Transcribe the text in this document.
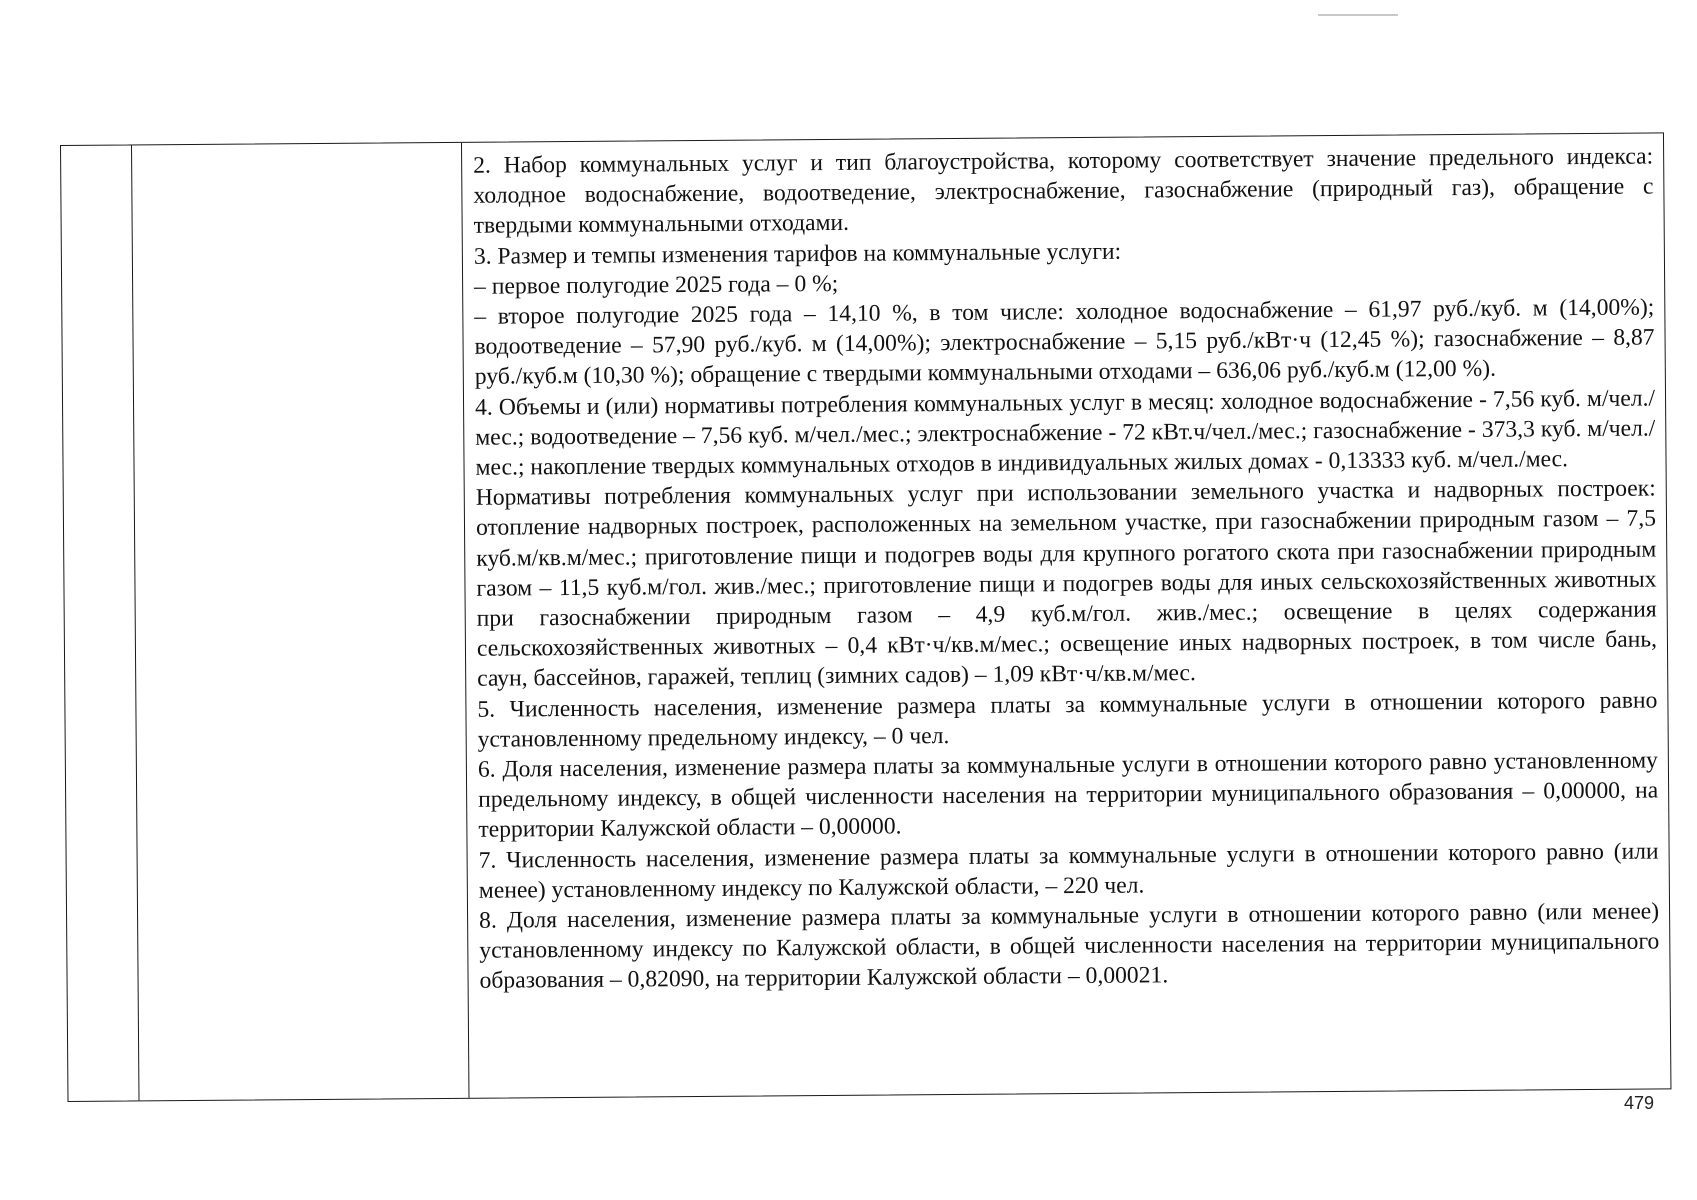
2. Набор коммунальных услуг и тип благоустройства, которому соответствует значение предельного индекса: холодное водоснабжение, водоотведение, электроснабжение, газоснабжение (природный газ), обращение с твердыми коммунальными отходами.

3. Размер и темпы изменения тарифов на коммунальные услуги:

– первое полугодие 2025 года – 0 %;

– второе полугодие 2025 года – 14,10 %, в том числе: холодное водоснабжение – 61,97 руб./куб. м (14,00%); водоотведение – 57,90 руб./куб. м (14,00%); электроснабжение – 5,15 руб./кВт·ч (12,45 %); газоснабжение – 8,87 руб./куб.м (10,30 %); обращение с твердыми коммунальными отходами – 636,06 руб./куб.м (12,00 %).

4. Объемы и (или) нормативы потребления коммунальных услуг в месяц: холодное водоснабжение - 7,56 куб. м/чел./мес.; водоотведение – 7,56 куб. м/чел./мес.; электроснабжение - 72 кВт.ч/чел./мес.; газоснабжение - 373,3 куб. м/чел./мес.; накопление твердых коммунальных отходов в индивидуальных жилых домах - 0,13333 куб. м/чел./мес.

Нормативы потребления коммунальных услуг при использовании земельного участка и надворных построек: отопление надворных построек, расположенных на земельном участке, при газоснабжении природным газом – 7,5 куб.м/кв.м/мес.; приготовление пищи и подогрев воды для крупного рогатого скота при газоснабжении природным газом – 11,5 куб.м/гол. жив./мес.; приготовление пищи и подогрев воды для иных сельскохозяйственных животных при газоснабжении природным газом – 4,9 куб.м/гол. жив./мес.; освещение в целях содержания сельскохозяйственных животных – 0,4 кВт·ч/кв.м/мес.; освещение иных надворных построек, в том числе бань, саун, бассейнов, гаражей, теплиц (зимних садов) – 1,09 кВт·ч/кв.м/мес.

5. Численность населения, изменение размера платы за коммунальные услуги в отношении которого равно установленному предельному индексу, – 0 чел.

6. Доля населения, изменение размера платы за коммунальные услуги в отношении которого равно установленному предельному индексу, в общей численности населения на территории муниципального образования – 0,00000, на территории Калужской области – 0,00000.

7. Численность населения, изменение размера платы за коммунальные услуги в отношении которого равно (или менее) установленному индексу по Калужской области, – 220 чел.

8. Доля населения, изменение размера платы за коммунальные услуги в отношении которого равно (или менее) установленному индексу по Калужской области, в общей численности населения на территории муниципального образования – 0,82090, на территории Калужской области – 0,00021.

479
